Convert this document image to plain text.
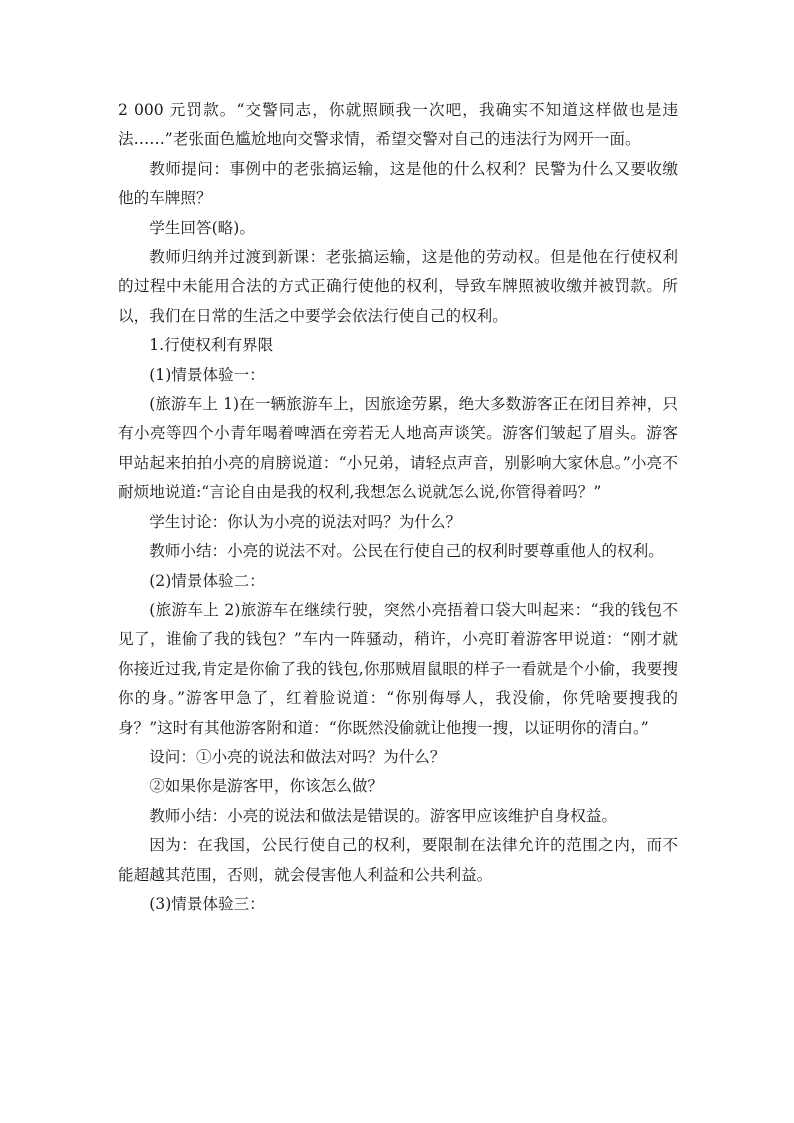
2 000 元罚款。“交警同志，你就照顾我一次吧，我确实不知道这样做也是违法……”老张面色尴尬地向交警求情，希望交警对自己的违法行为网开一面。

教师提问：事例中的老张搞运输，这是他的什么权利？民警为什么又要收缴他的车牌照？

学生回答(略)。

教师归纳并过渡到新课：老张搞运输，这是他的劳动权。但是他在行使权利的过程中未能用合法的方式正确行使他的权利，导致车牌照被收缴并被罚款。所以，我们在日常的生活之中要学会依法行使自己的权利。

1.行使权利有界限

(1)情景体验一：

(旅游车上 1)在一辆旅游车上，因旅途劳累，绝大多数游客正在闭目养神，只有小亮等四个小青年喝着啤酒在旁若无人地高声谈笑。游客们皱起了眉头。游客甲站起来拍拍小亮的肩膀说道：“小兄弟，请轻点声音，别影响大家休息。”小亮不耐烦地说道:“言论自由是我的权利,我想怎么说就怎么说,你管得着吗？”

学生讨论：你认为小亮的说法对吗？为什么？

教师小结：小亮的说法不对。公民在行使自己的权利时要尊重他人的权利。

(2)情景体验二：

(旅游车上 2)旅游车在继续行驶，突然小亮捂着口袋大叫起来：“我的钱包不见了，谁偷了我的钱包？”车内一阵骚动，稍许，小亮盯着游客甲说道：“刚才就你接近过我,肯定是你偷了我的钱包,你那贼眉鼠眼的样子一看就是个小偷，我要搜你的身。”游客甲急了，红着脸说道：“你别侮辱人，我没偷，你凭啥要搜我的身？”这时有其他游客附和道：“你既然没偷就让他搜一搜，以证明你的清白。”

设问：①小亮的说法和做法对吗？为什么？

②如果你是游客甲，你该怎么做？

教师小结：小亮的说法和做法是错误的。游客甲应该维护自身权益。

因为：在我国，公民行使自己的权利，要限制在法律允许的范围之内，而不能超越其范围，否则，就会侵害他人利益和公共利益。

(3)情景体验三：
